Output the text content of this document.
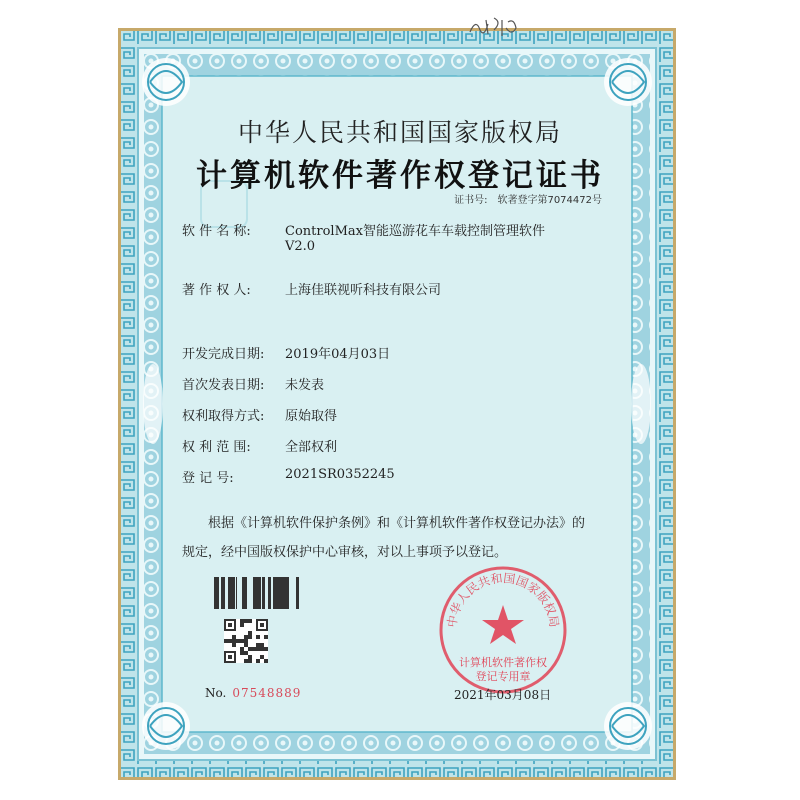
中华人民共和国国家版权局
计算机软件著作权登记证书
证书号: 软著登字第7074472号
软 件 名 称:	ControlMax智能巡游花车车载控制管理软件
V2.0
著 作 权 人:	上海佳联视听科技有限公司
开发完成日期: 2019年04月03日
首次发表日期: 未发表
权利取得方式: 原始取得
权 利 范 围:	全部权利
登 记 号:	2021SR0352245
根据《计算机软件保护条例》和《计算机软件著作权登记办法》的
规定，经中国版权保护中心审核，对以上事项予以登记。
No. 07548889
中华人民共和国国家版权局
计算机软件著作权
登记专用章
2021年03月08日
